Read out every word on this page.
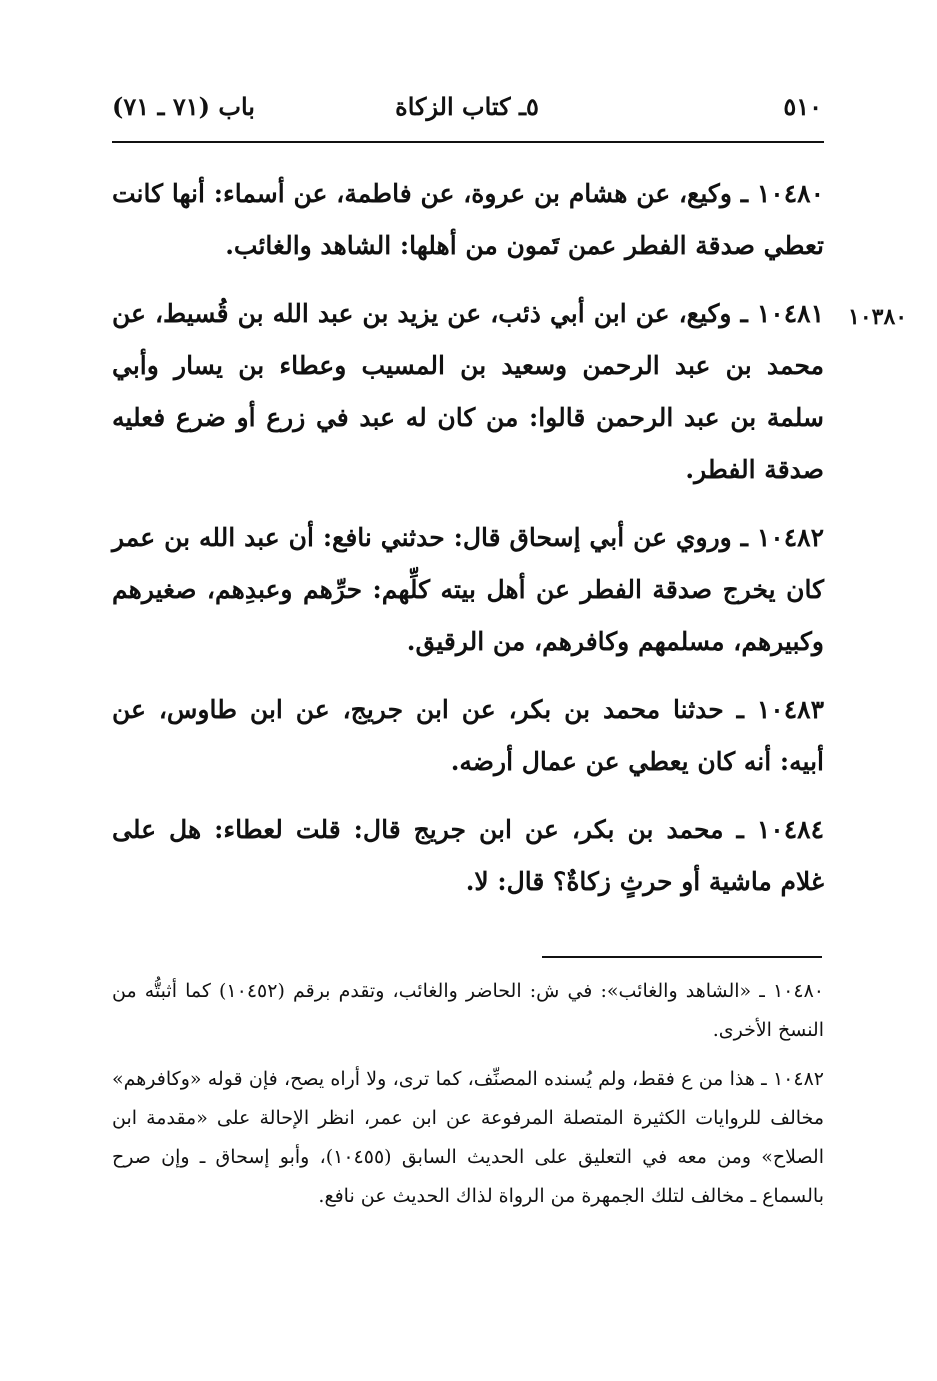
٥١٠
٥ـ كتاب الزكاة
باب (٧١ ـ ٧١)
١٠٣٨٠

١٠٤٨٠ ـ وكيع، عن هشام بن عروة، عن فاطمة، عن أسماء: أنها كانت تعطي صدقة الفطر عمن تَمون من أهلها: الشاهد والغائب.

١٠٤٨١ ـ وكيع، عن ابن أبي ذئب، عن يزيد بن عبد الله بن قُسيط، عن محمد بن عبد الرحمن وسعيد بن المسيب وعطاء بن يسار وأبي سلمة بن عبد الرحمن قالوا: من كان له عبد في زرع أو ضرع فعليه صدقة الفطر.

١٠٤٨٢ ـ وروي عن أبي إسحاق قال: حدثني نافع: أن عبد الله بن عمر كان يخرج صدقة الفطر عن أهل بيته كلِّهم: حرِّهم وعبدِهم، صغيرهم وكبيرهم، مسلمهم وكافرهم، من الرقيق.

١٠٤٨٣ ـ حدثنا محمد بن بكر، عن ابن جريج، عن ابن طاوس، عن أبيه: أنه كان يعطي عن عمال أرضه.

١٠٤٨٤ ـ محمد بن بكر، عن ابن جريج قال: قلت لعطاء: هل على غلام ماشية أو حرثٍ زكاةٌ؟ قال: لا.

١٠٤٨٠ ـ «الشاهد والغائب»: في ش: الحاضر والغائب، وتقدم برقم (١٠٤٥٢) كما أثبتُّه من النسخ الأخرى.

١٠٤٨٢ ـ هذا من ع فقط، ولم يُسنده المصنِّف، كما ترى، ولا أراه يصح، فإن قوله «وكافرهم» مخالف للروايات الكثيرة المتصلة المرفوعة عن ابن عمر، انظر الإحالة على «مقدمة ابن الصلاح» ومن معه في التعليق على الحديث السابق (١٠٤٥٥)، وأبو إسحاق ـ وإن صرح بالسماع ـ مخالف لتلك الجمهرة من الرواة لذاك الحديث عن نافع.
